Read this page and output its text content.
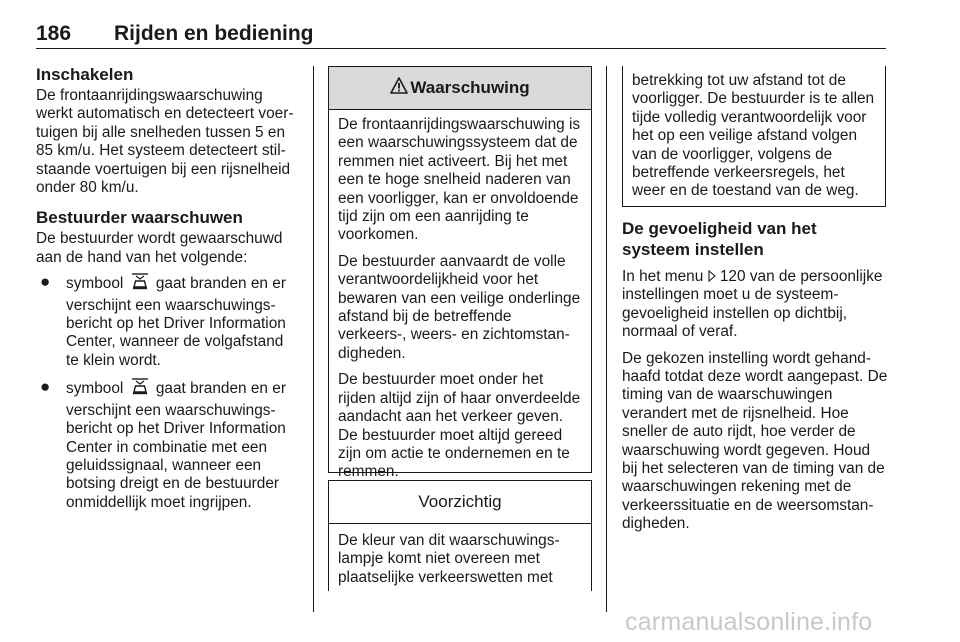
186 Rijden en bediening
Inschakelen

De frontaanrijdingswaarschuwing werkt automatisch en detecteert voertuigen bij alle snelheden tussen 5 en 85 km/u. Het systeem detecteert stilstaande voertuigen bij een rijsnelheid onder 80 km/u.

Bestuurder waarschuwen

De bestuurder wordt gewaarschuwd aan de hand van het volgende:

● symbool gaat branden en er verschijnt een waarschuwingsbericht op het Driver Information Center, wanneer de volgafstand te klein wordt.
● symbool gaat branden en er verschijnt een waarschuwingsbericht op het Driver Information Center in combinatie met een geluidssignaal, wanneer een botsing dreigt en de bestuurder onmiddellijk moet ingrijpen.
Waarschuwing

De frontaanrijdingswaarschuwing is een waarschuwingssysteem dat de remmen niet activeert. Bij het met een te hoge snelheid naderen van een voorligger, kan er onvoldoende tijd zijn om een aanrijding te voorkomen.

De bestuurder aanvaardt de volle verantwoordelijkheid voor het bewaren van een veilige onderlinge afstand bij de betreffende verkeers-, weers- en zichtomstandigheden.

De bestuurder moet onder het rijden altijd zijn of haar onverdeelde aandacht aan het verkeer geven. De bestuurder moet altijd gereed zijn om actie te ondernemen en te remmen.

Voorzichtig

De kleur van dit waarschuwingslampje komt niet overeen met plaatselijke verkeerswetten met

betrekking tot uw afstand tot de voorligger. De bestuurder is te allen tijde volledig verantwoordelijk voor het op een veilige afstand volgen van de voorligger, volgens de betreffende verkeersregels, het weer en de toestand van de weg.

De gevoeligheid van het systeem instellen

In het menu 120 van de persoonlijke instellingen moet u de systeemgevoeligheid instellen op dichtbij, normaal of veraf.

De gekozen instelling wordt gehandhaafd totdat deze wordt aangepast. De timing van de waarschuwingen verandert met de rijsnelheid. Hoe sneller de auto rijdt, hoe verder de waarschuwing wordt gegeven. Houd bij het selecteren van de timing van de waarschuwingen rekening met de verkeerssituatie en de weersomstandigheden.

carmanualsonline.info
